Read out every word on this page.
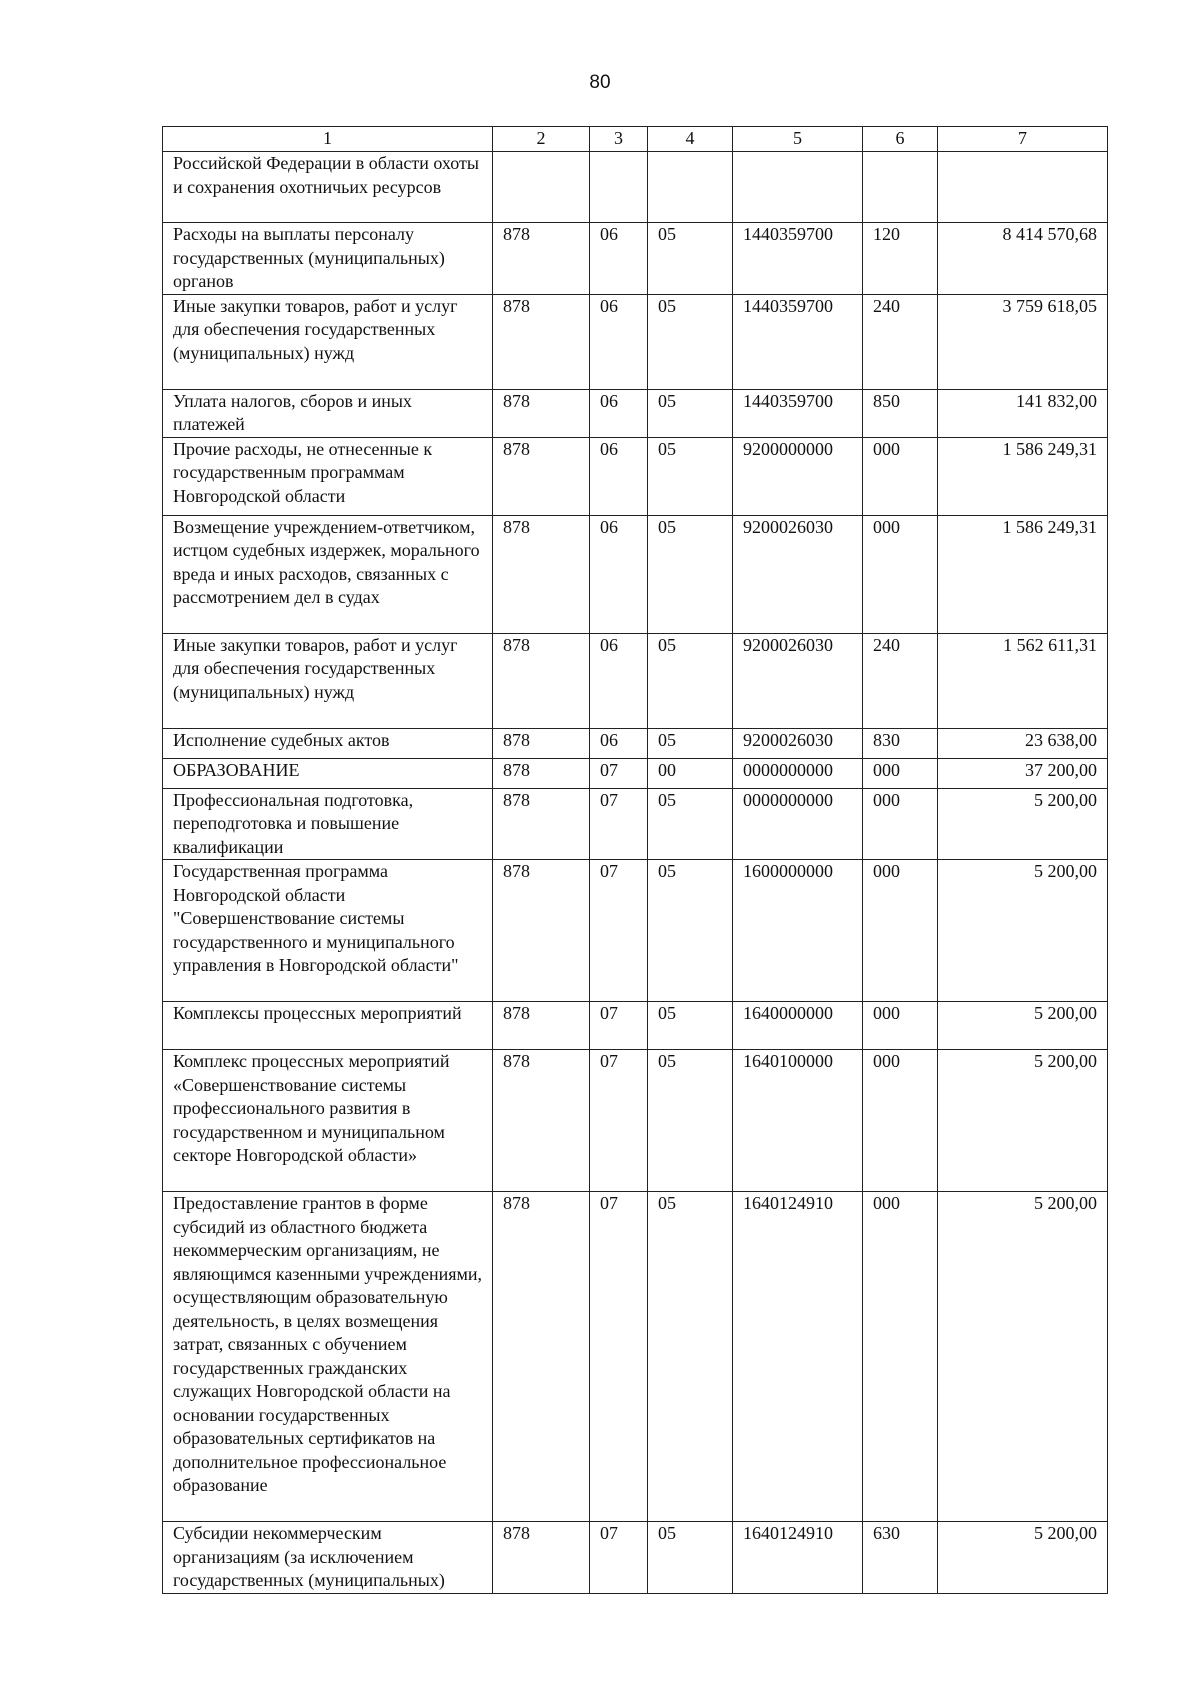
80
1	2	3	4	5	6	7
Российской Федерации в области охоты и сохранения охотничьих ресурсов						
Расходы на выплаты персоналу государственных (муниципальных) органов	878	06	05	1440359700	120	8 414 570,68
Иные закупки товаров, работ и услуг для обеспечения государственных (муниципальных) нужд	878	06	05	1440359700	240	3 759 618,05
Уплата налогов, сборов и иных платежей	878	06	05	1440359700	850	141 832,00
Прочие расходы, не отнесенные к государственным программам Новгородской области	878	06	05	9200000000	000	1 586 249,31
Возмещение учреждением-ответчиком, истцом судебных издержек, морального вреда и иных расходов, связанных с рассмотрением дел в судах	878	06	05	9200026030	000	1 586 249,31
Иные закупки товаров, работ и услуг для обеспечения государственных (муниципальных) нужд	878	06	05	9200026030	240	1 562 611,31
Исполнение судебных актов	878	06	05	9200026030	830	23 638,00
ОБРАЗОВАНИЕ	878	07	00	0000000000	000	37 200,00
Профессиональная подготовка, переподготовка и повышение квалификации	878	07	05	0000000000	000	5 200,00
Государственная программа Новгородской области "Совершенствование системы государственного и муниципального управления в Новгородской области"	878	07	05	1600000000	000	5 200,00
Комплексы процессных мероприятий	878	07	05	1640000000	000	5 200,00
Комплекс процессных мероприятий «Совершенствование системы профессионального развития в государственном и муниципальном секторе Новгородской области»	878	07	05	1640100000	000	5 200,00
Предоставление грантов в форме субсидий из областного бюджета некоммерческим организациям, не являющимся казенными учреждениями, осуществляющим образовательную деятельность, в целях возмещения затрат, связанных с обучением государственных гражданских служащих Новгородской области на основании государственных образовательных сертификатов на дополнительное профессиональное образование	878	07	05	1640124910	000	5 200,00
Субсидии некоммерческим организациям (за исключением государственных (муниципальных)	878	07	05	1640124910	630	5 200,00
